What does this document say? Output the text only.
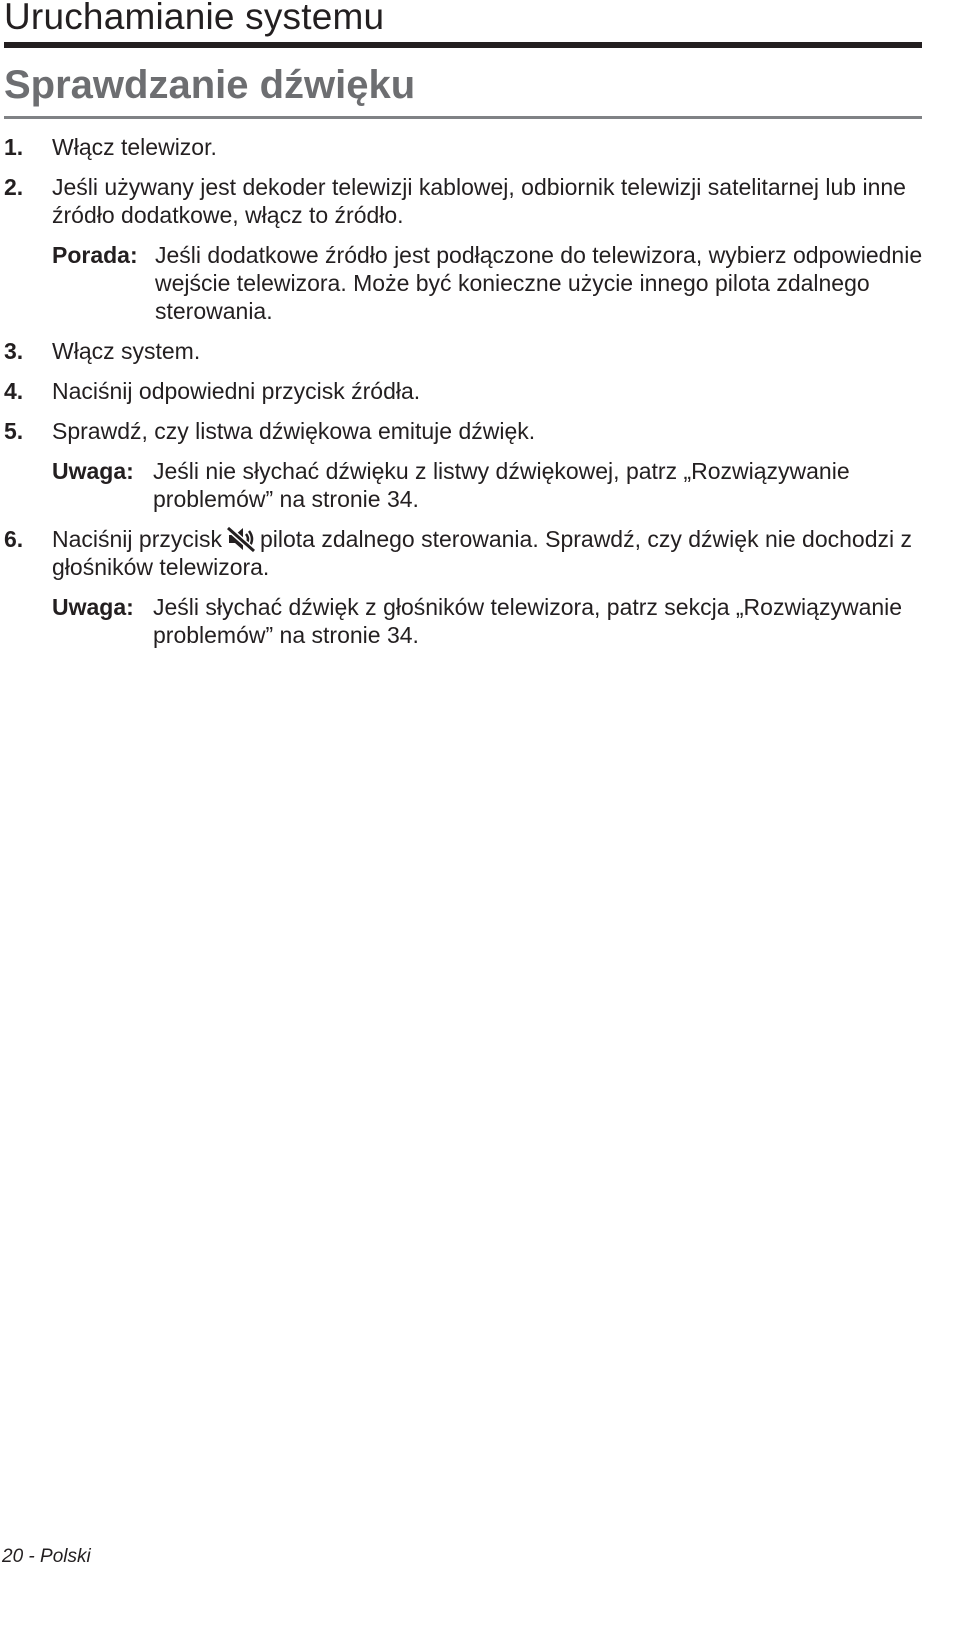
Uruchamianie systemu
Sprawdzanie dźwięku
1.	Włącz telewizor.
2.	Jeśli używany jest dekoder telewizji kablowej, odbiornik telewizji satelitarnej lub inne źródło dodatkowe, włącz to źródło.
Porada: Jeśli dodatkowe źródło jest podłączone do telewizora, wybierz odpowiednie wejście telewizora. Może być konieczne użycie innego pilota zdalnego sterowania.
3.	Włącz system.
4.	Naciśnij odpowiedni przycisk źródła.
5.	Sprawdź, czy listwa dźwiękowa emituje dźwięk.
Uwaga: Jeśli nie słychać dźwięku z listwy dźwiękowej, patrz „Rozwiązywanie problemów” na stronie 34.
6.	Naciśnij przycisk pilota zdalnego sterowania. Sprawdź, czy dźwięk nie dochodzi z głośników telewizora.
Uwaga: Jeśli słychać dźwięk z głośników telewizora, patrz sekcja „Rozwiązywanie problemów” na stronie 34.
20 - Polski
